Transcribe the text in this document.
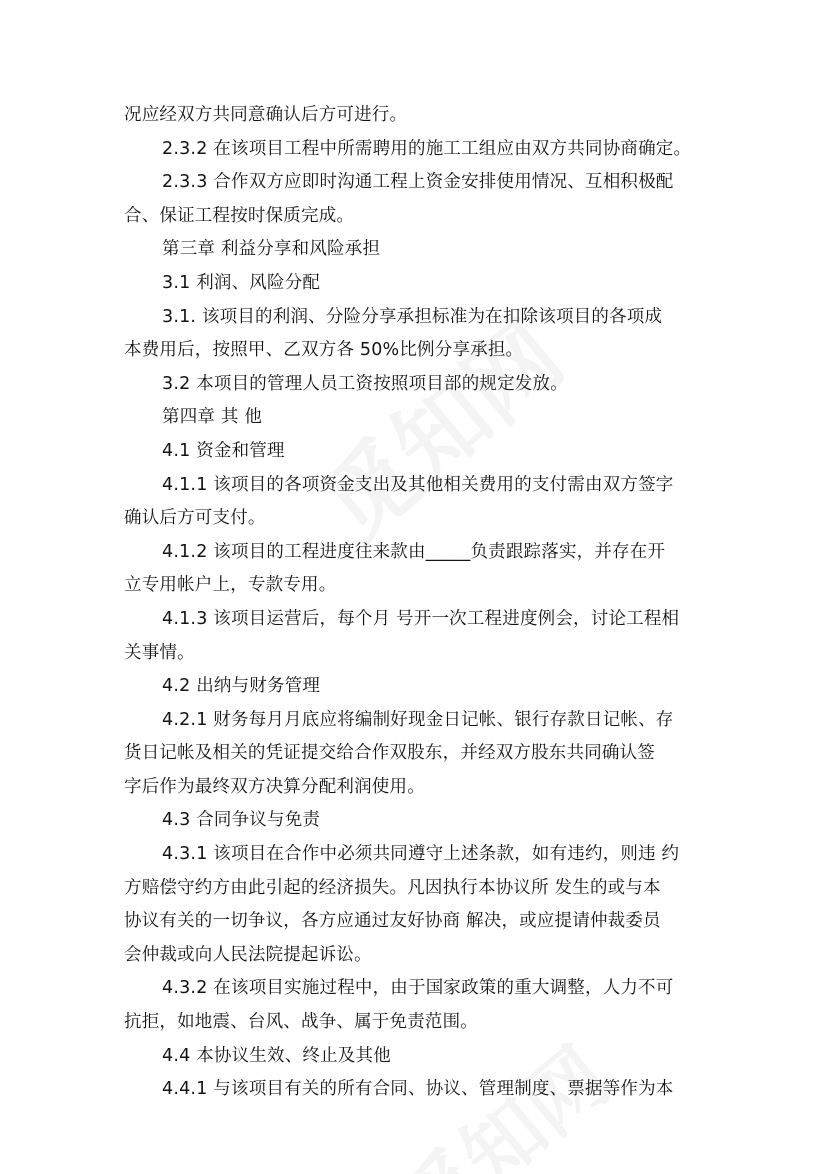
况应经双方共同意确认后方可进行。

2.3.2 在该项目工程中所需聘用的施工工组应由双方共同协商确定。

2.3.3 合作双方应即时沟通工程上资金安排使用情况、互相积极配

合、保证工程按时保质完成。

第三章 利益分享和风险承担

3.1 利润、风险分配

3.1. 该项目的利润、分险分享承担标准为在扣除该项目的各项成

本费用后，按照甲、乙双方各 50%比例分享承担。

3.2 本项目的管理人员工资按照项目部的规定发放。

第四章 其 他

4.1 资金和管理

4.1.1 该项目的各项资金支出及其他相关费用的支付需由双方签字

确认后方可支付。

4.1.2 该项目的工程进度往来款由_____负责跟踪落实，并存在开

立专用帐户上，专款专用。

4.1.3 该项目运营后，每个月 号开一次工程进度例会，讨论工程相

关事情。

4.2 出纳与财务管理

4.2.1 财务每月月底应将编制好现金日记帐、银行存款日记帐、存

货日记帐及相关的凭证提交给合作双股东，并经双方股东共同确认签

字后作为最终双方决算分配利润使用。

4.3 合同争议与免责

4.3.1 该项目在合作中必须共同遵守上述条款，如有违约，则违 约

方赔偿守约方由此引起的经济损失。凡因执行本协议所 发生的或与本

协议有关的一切争议，各方应通过友好协商 解决，或应提请仲裁委员

会仲裁或向人民法院提起诉讼。

4.3.2 在该项目实施过程中，由于国家政策的重大调整，人力不可

抗拒，如地震、台风、战争、属于免责范围。

4.4 本协议生效、终止及其他

4.4.1 与该项目有关的所有合同、协议、管理制度、票据等作为本
